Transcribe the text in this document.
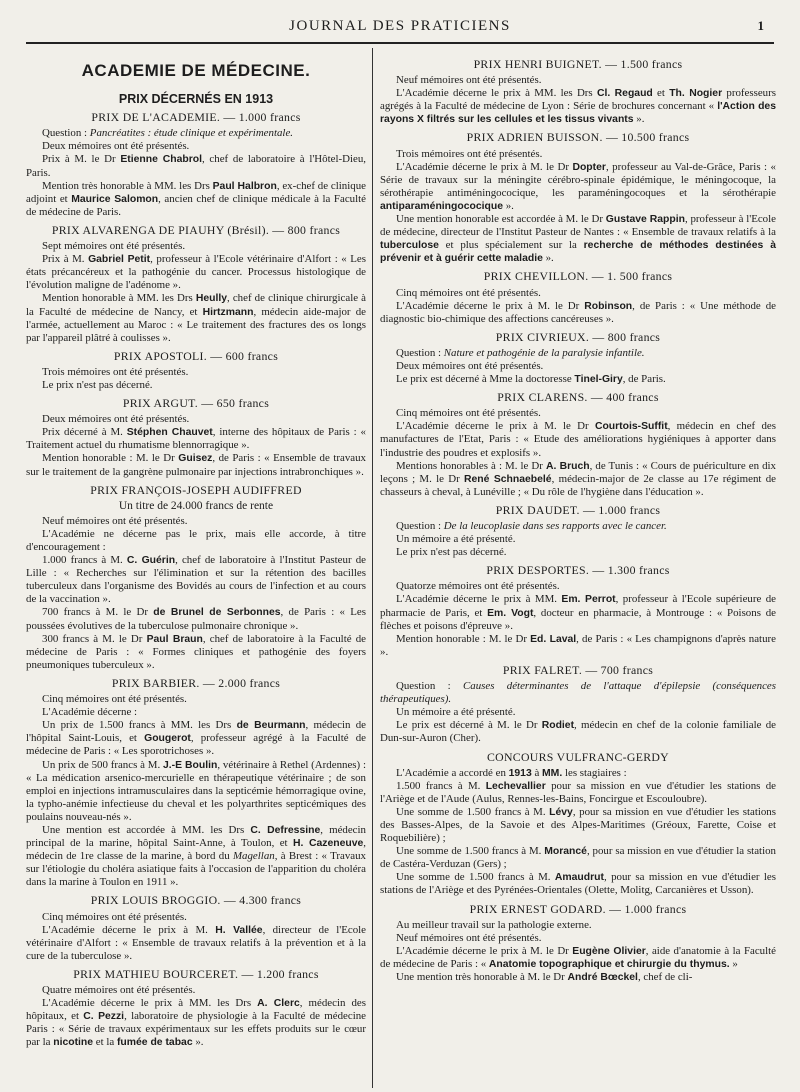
JOURNAL DES PRATICIENS	1
ACADEMIE DE MÉDECINE.
PRIX DÉCERNÉS EN 1913
PRIX DE L'ACADEMIE. — 1.000 francs

Question : Pancréatites : étude clinique et expérimentale.

Deux mémoires ont été présentés.

Prix à M. le Dr Etienne Chabrol, chef de laboratoire à l'Hôtel-Dieu, Paris.

Mention très honorable à MM. les Drs Paul Halbron, ex-chef de clinique adjoint et Maurice Salomon, ancien chef de clinique médicale à la Faculté de médecine de Paris.

PRIX ALVARENGA DE PIAUHY (Brésil). — 800 francs

Sept mémoires ont été présentés.

Prix à M. Gabriel Petit, professeur à l'Ecole vétérinaire d'Alfort : « Les états précancéreux et la pathogénie du cancer. Processus histologique de l'évolution maligne de l'adénome ».

Mention honorable à MM. les Drs Heully, chef de clinique chirurgicale à la Faculté de médecine de Nancy, et Hirtzmann, médecin aide-major de l'armée, actuellement au Maroc : « Le traitement des fractures des os longs par l'appareil plâtré à coulisses ».

PRIX APOSTOLI. — 600 francs

Trois mémoires ont été présentés.

Le prix n'est pas décerné.

PRIX ARGUT. — 650 francs

Deux mémoires ont été présentés.

Prix décerné à M. Stéphen Chauvet, interne des hôpitaux de Paris : « Traitement actuel du rhumatisme blennorragique ».

Mention honorable : M. le Dr Guisez, de Paris : « Ensemble de travaux sur le traitement de la gangrène pulmonaire par injections intrabronchiques ».

PRIX FRANÇOIS-JOSEPH AUDIFFRED
Un titre de 24.000 francs de rente

Neuf mémoires ont été présentés.

L'Académie ne décerne pas le prix, mais elle accorde, à titre d'encouragement :

1.000 francs à M. C. Guérin, chef de laboratoire à l'Institut Pasteur de Lille : « Recherches sur l'élimination et sur la rétention des bacilles tuberculeux dans l'organisme des Bovidés au cours de l'infection et au cours de la vaccination ».

700 francs à M. le Dr de Brunel de Serbonnes, de Paris : « Les poussées évolutives de la tuberculose pulmonaire chronique ».

300 francs à M. le Dr Paul Braun, chef de laboratoire à la Faculté de médecine de Paris : « Formes cliniques et pathogénie des foyers pneumoniques tuberculeux ».

PRIX BARBIER. — 2.000 francs

Cinq mémoires ont été présentés.

L'Académie décerne :

Un prix de 1.500 francs à MM. les Drs de Beurmann, médecin de l'hôpital Saint-Louis, et Gougerot, professeur agrégé à la Faculté de médecine de Paris : « Les sporotrichoses ».

Un prix de 500 francs à M. J.-E Boulin, vétérinaire à Rethel (Ardennes) : « La médication arsenico-mercurielle en thérapeutique vétérinaire ; de son emploi en injections intramusculaires dans la septicémie hémorragique ovine, la typho-anémie infectieuse du cheval et les polyarthrites septicémiques des poulains nouveau-nés ».

Une mention est accordée à MM. les Drs C. Defressine, médecin principal de la marine, hôpital Saint-Anne, à Toulon, et H. Cazeneuve, médecin de 1re classe de la marine, à bord du Magellan, à Brest : « Travaux sur l'étiologie du choléra asiatique faits à l'occasion de l'apparition du choléra dans la marine à Toulon en 1911 ».

PRIX LOUIS BROGGIO. — 4.300 francs

Cinq mémoires ont été présentés.

L'Académie décerne le prix à M. H. Vallée, directeur de l'Ecole vétérinaire d'Alfort : « Ensemble de travaux relatifs à la prévention et à la cure de la tuberculose ».

PRIX MATHIEU BOURCERET. — 1.200 francs

Quatre mémoires ont été présentés.

L'Académie décerne le prix à MM. les Drs A. Clerc, médecin des hôpitaux, et C. Pezzi, laboratoire de physiologie à la Faculté de médecine Paris : « Série de travaux expérimentaux sur les effets produits sur le cœur par la nicotine et la fumée de tabac ».

PRIX HENRI BUIGNET. — 1.500 francs

Neuf mémoires ont été présentés.

L'Académie décerne le prix à MM. les Drs Cl. Regaud et Th. Nogier professeurs agrégés à la Faculté de médecine de Lyon : Série de brochures concernant « l'Action des rayons X filtrés sur les cellules et les tissus vivants ».

PRIX ADRIEN BUISSON. — 10.500 francs

Trois mémoires ont été présentés.

L'Académie décerne le prix à M. le Dr Dopter, professeur au Val-de-Grâce, Paris : « Série de travaux sur la méningite cérébro-spinale épidémique, le méningocoque, la sérothérapie antiméningococique, les paraméningocoques et la sérothérapie antiparaméningococique ».

Une mention honorable est accordée à M. le Dr Gustave Rappin, professeur à l'Ecole de médecine, directeur de l'Institut Pasteur de Nantes : « Ensemble de travaux relatifs à la tuberculose et plus spécialement sur la recherche de méthodes destinées à prévenir et à guérir cette maladie ».

PRIX CHEVILLON. — 1. 500 francs

Cinq mémoires ont été présentés.

L'Académie décerne le prix à M. le Dr Robinson, de Paris : « Une méthode de diagnostic bio-chimique des affections cancéreuses ».

PRIX CIVRIEUX. — 800 francs

Question : Nature et pathogénie de la paralysie infantile.

Deux mémoires ont été présentés.

Le prix est décerné à Mme la doctoresse Tinel-Giry, de Paris.

PRIX CLARENS. — 400 francs

Cinq mémoires ont été présentés.

L'Académie décerne le prix à M. le Dr Courtois-Suffit, médecin en chef des manufactures de l'Etat, Paris : « Etude des améliorations hygiéniques à apporter dans l'industrie des poudres et explosifs ».

Mentions honorables à : M. le Dr A. Bruch, de Tunis : « Cours de puériculture en dix leçons ; M. le Dr René Schnaebelé, médecin-major de 2e classe au 17e régiment de chasseurs à cheval, à Lunéville ; « Du rôle de l'hygiène dans l'éducation ».

PRIX DAUDET. — 1.000 francs

Question : De la leucoplasie dans ses rapports avec le cancer.

Un mémoire a été présenté.

Le prix n'est pas décerné.

PRIX DESPORTES. — 1.300 francs

Quatorze mémoires ont été présentés.

L'Académie décerne le prix à MM. Em. Perrot, professeur à l'Ecole supérieure de pharmacie de Paris, et Em. Vogt, docteur en pharmacie, à Montrouge : « Poisons de flèches et poisons d'épreuve ».

Mention honorable : M. le Dr Ed. Laval, de Paris : « Les champignons d'après nature ».

PRIX FALRET. — 700 francs

Question : Causes déterminantes de l'attaque d'épilepsie (conséquences thérapeutiques).

Un mémoire a été présenté.

Le prix est décerné à M. le Dr Rodiet, médecin en chef de la colonie familiale de Dun-sur-Auron (Cher).

CONCOURS VULFRANC-GERDY

L'Académie a accordé en 1913 à MM. les stagiaires :

1.500 francs à M. Lechevallier pour sa mission en vue d'étudier les stations de l'Ariège et de l'Aude (Aulus, Rennes-les-Bains, Foncirgue et Escouloubre).

Une somme de 1.500 francs à M. Lévy, pour sa mission en vue d'étudier les stations des Basses-Alpes, de la Savoie et des Alpes-Maritimes (Gréoux, Farette, Coise et Roquebilière) ;

Une somme de 1.500 francs à M. Morancé, pour sa mission en vue d'étudier la station de Castéra-Verduzan (Gers) ;

Une somme de 1.500 francs à M. Amaudrut, pour sa mission en vue d'étudier les stations de l'Ariège et des Pyrénées-Orientales (Olette, Molitg, Carcanières et Usson).

PRIX ERNEST GODARD. — 1.000 francs

Au meilleur travail sur la pathologie externe.

Neuf mémoires ont été présentés.

L'Académie décerne le prix à M. le Dr Eugène Olivier, aide d'anatomie à la Faculté de médecine de Paris : « Anatomie topographique et chirurgie du thymus. »

Une mention très honorable à M. le Dr André Bœckel, chef de cli-
